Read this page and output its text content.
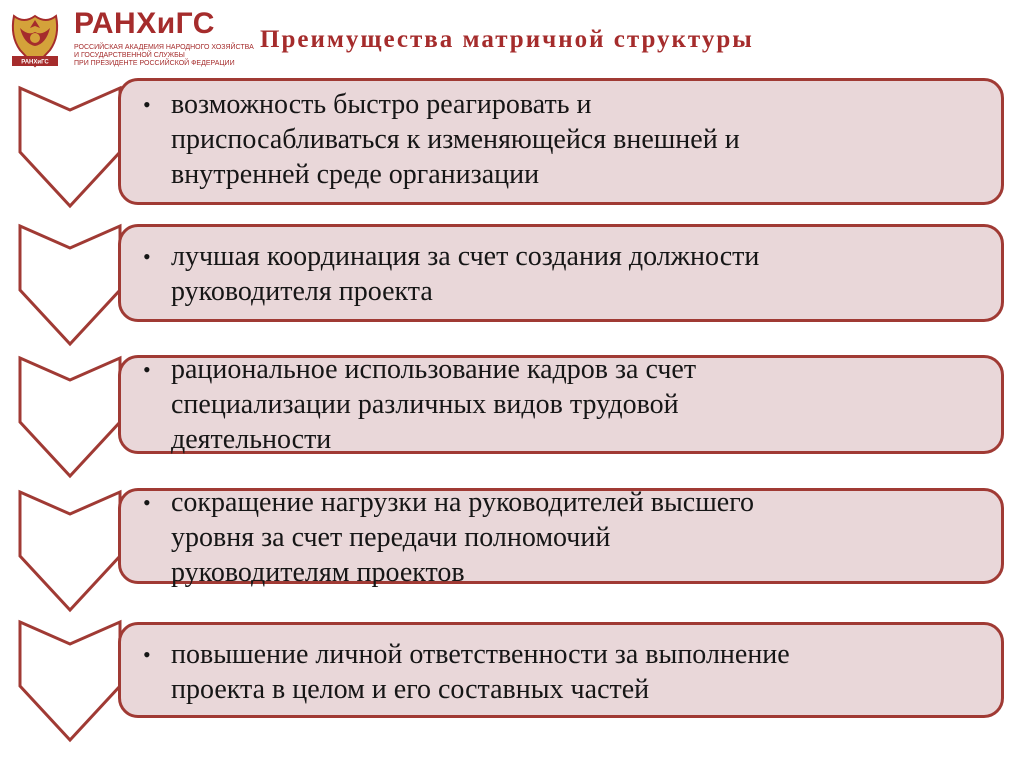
РАНХиГС
РАНХиГС
РОССИЙСКАЯ АКАДЕМИЯ НАРОДНОГО ХОЗЯЙСТВА
И ГОСУДАРСТВЕННОЙ СЛУЖБЫ
ПРИ ПРЕЗИДЕНТЕ РОССИЙСКОЙ ФЕДЕРАЦИИ
Преимущества матричной структуры
• возможность быстро реагировать и
приспосабливаться к изменяющейся внешней и
внутренней среде организации
• лучшая координация за счет создания должности
руководителя проекта
• рациональное использование кадров за счет
специализации различных видов трудовой
деятельности
• сокращение нагрузки на руководителей высшего
уровня за счет передачи полномочий
руководителям проектов
• повышение личной ответственности за выполнение
проекта в целом и его составных частей
